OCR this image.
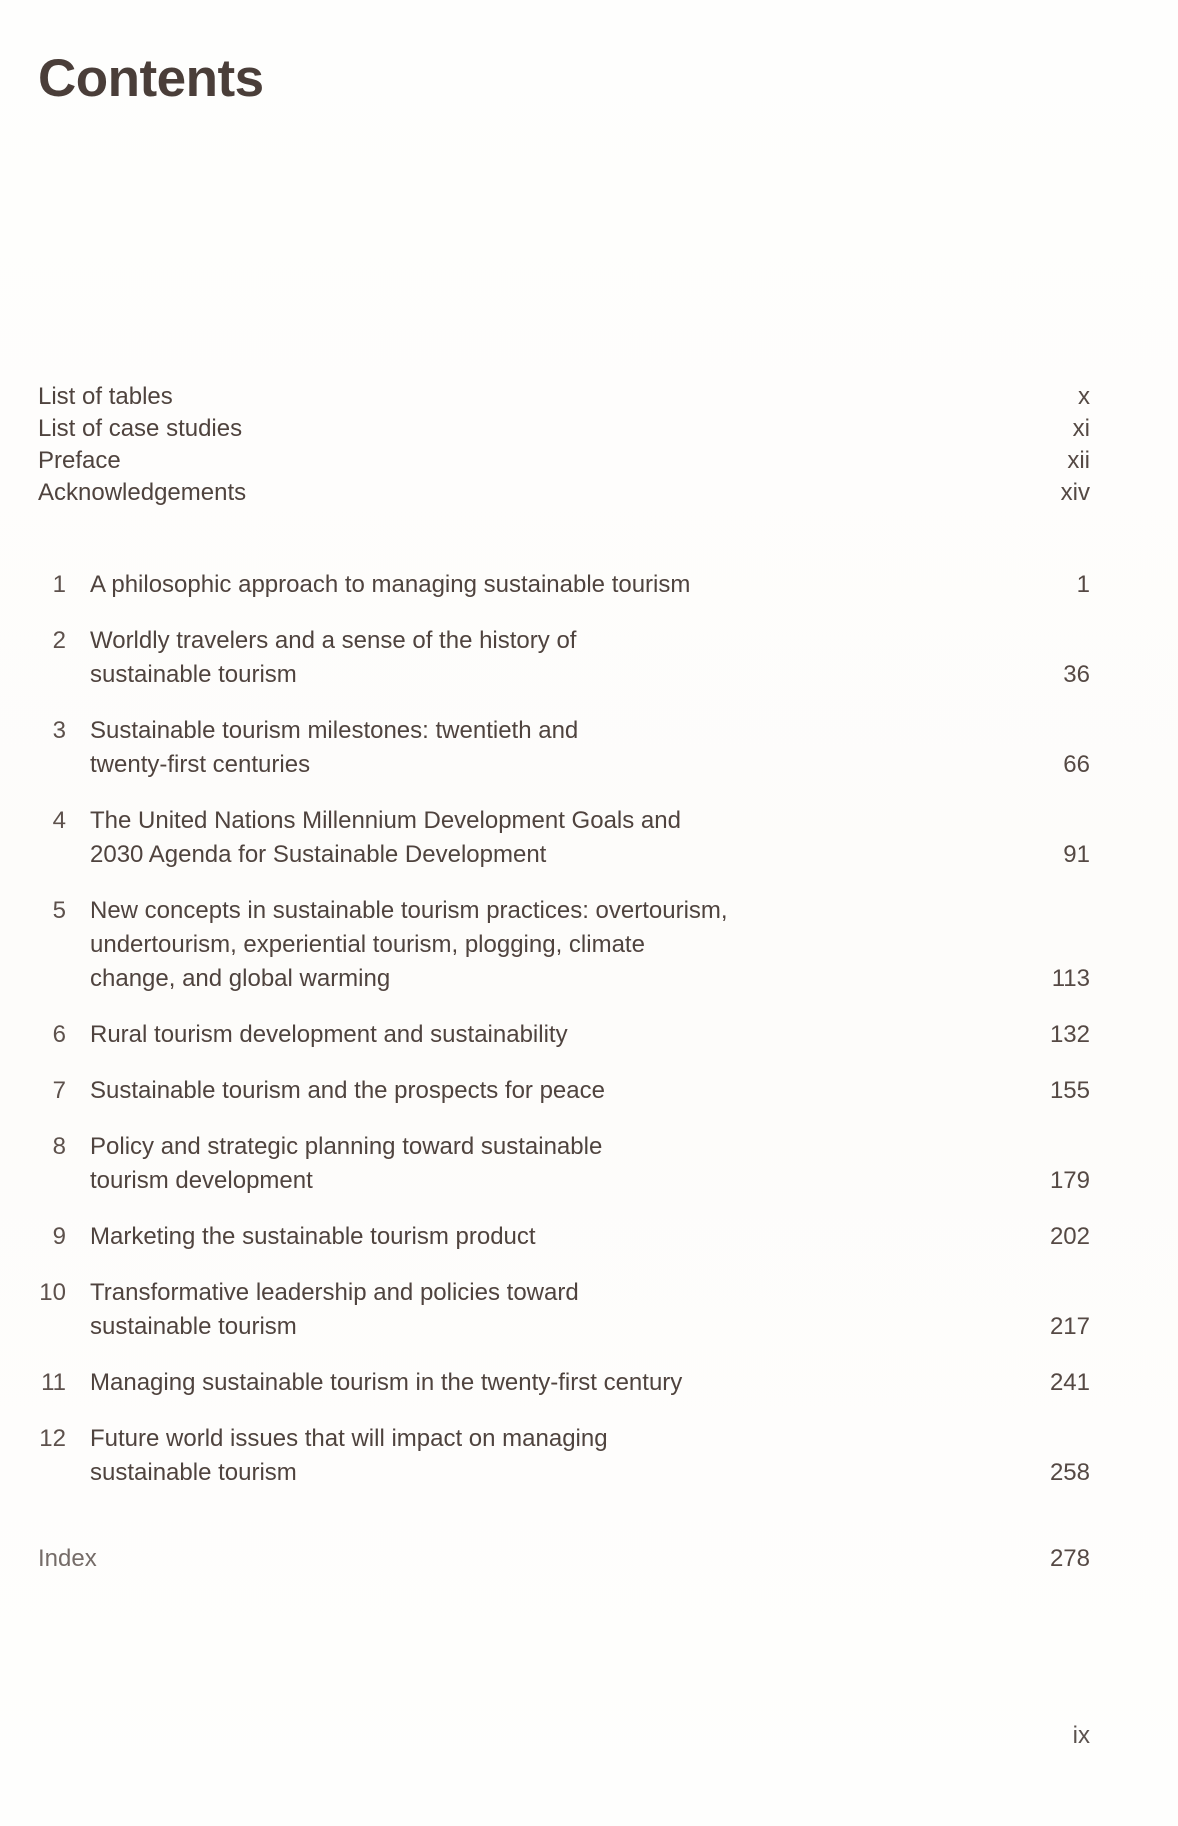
Contents
List of tables	x
List of case studies	xi
Preface	xii
Acknowledgements	xiv
1 A philosophic approach to managing sustainable tourism	1
2 Worldly travelers and a sense of the history of
sustainable tourism	36
3 Sustainable tourism milestones: twentieth and
twenty-first centuries	66
4 The United Nations Millennium Development Goals and
2030 Agenda for Sustainable Development	91
5 New concepts in sustainable tourism practices: overtourism,
undertourism, experiential tourism, plogging, climate
change, and global warming	113
6 Rural tourism development and sustainability	132
7 Sustainable tourism and the prospects for peace	155
8 Policy and strategic planning toward sustainable
tourism development	179
9 Marketing the sustainable tourism product	202
10 Transformative leadership and policies toward
sustainable tourism	217
11 Managing sustainable tourism in the twenty-first century	241
12 Future world issues that will impact on managing
sustainable tourism	258
Index	278
ix
